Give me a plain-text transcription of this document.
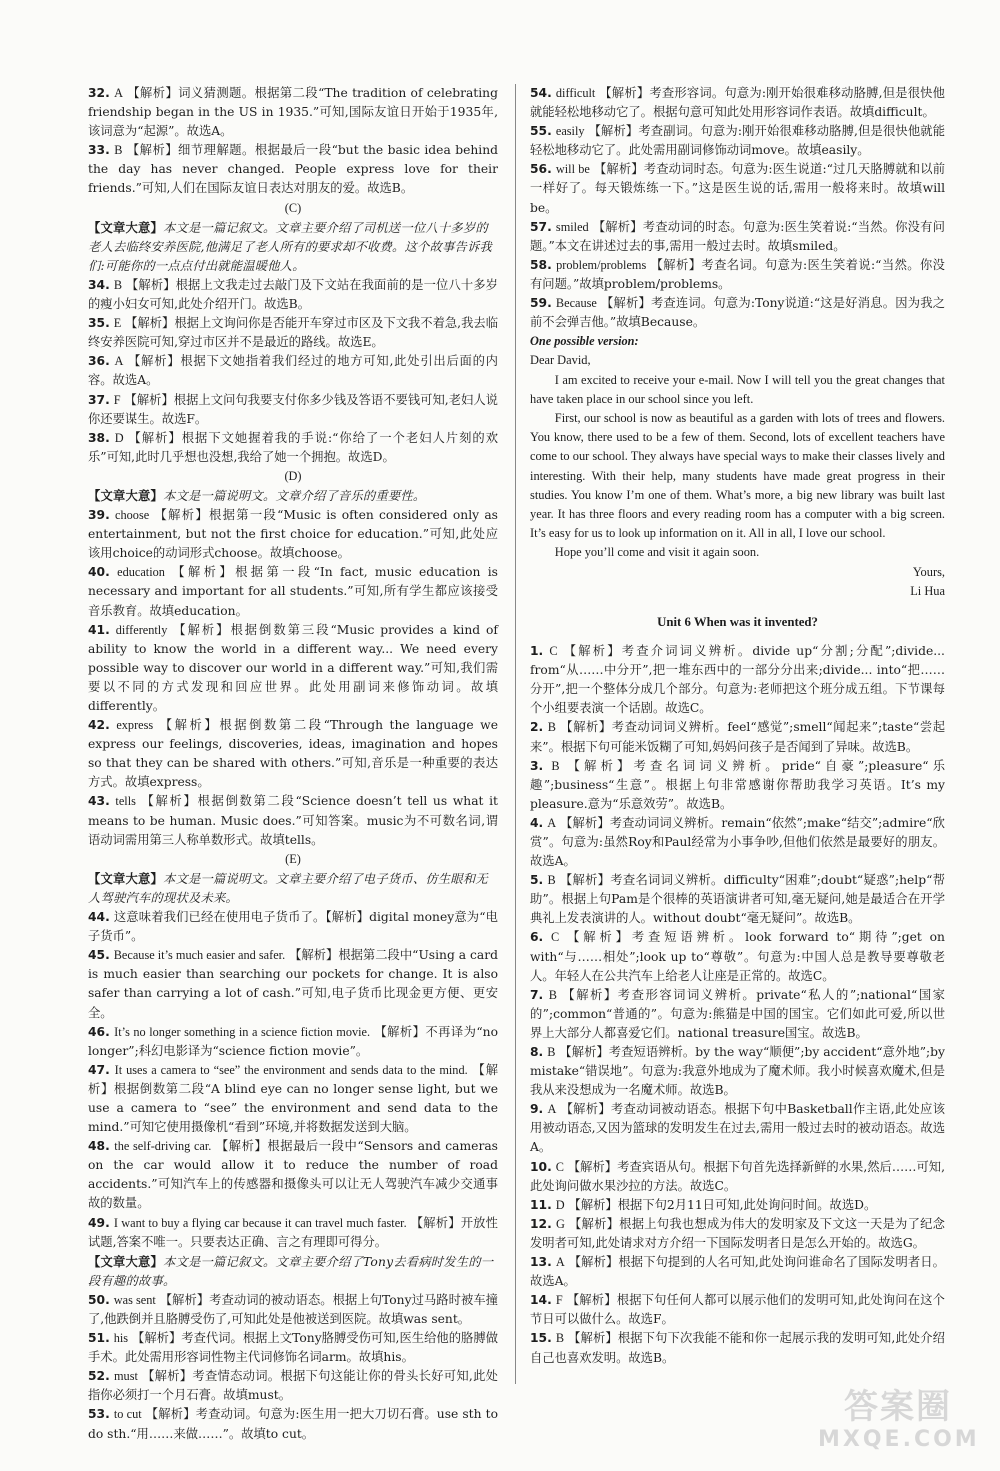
32. A 【解析】词义猜测题。根据第二段“The tradition of celebrating friendship began in the US in 1935.”可知,国际友谊日开始于1935年,该词意为“起源”。故选A。

33. B 【解析】细节理解题。根据最后一段“but the basic idea behind the day has never changed. People express love for their friends.”可知,人们在国际友谊日表达对朋友的爱。故选B。

(C)

【文章大意】本文是一篇记叙文。文章主要介绍了司机送一位八十多岁的老人去临终安养医院,他满足了老人所有的要求却不收费。这个故事告诉我们:可能你的一点点付出就能温暖他人。

34. B 【解析】根据上文我走过去敲门及下文站在我面前的是一位八十多岁的瘦小妇女可知,此处介绍开门。故选B。

35. E 【解析】根据上文询问你是否能开车穿过市区及下文我不着急,我去临终安养医院可知,穿过市区并不是最近的路线。故选E。

36. A 【解析】根据下文她指着我们经过的地方可知,此处引出后面的内容。故选A。

37. F 【解析】根据上文问句我要支付你多少钱及答语不要钱可知,老妇人说你还要谋生。故选F。

38. D 【解析】根据下文她握着我的手说:“你给了一个老妇人片刻的欢乐”可知,此时几乎想也没想,我给了她一个拥抱。故选D。

(D)

【文章大意】本文是一篇说明文。文章介绍了音乐的重要性。

39. choose 【解析】根据第一段“Music is often considered only as entertainment, but not the first choice for education.”可知,此处应该用choice的动词形式choose。故填choose。

40. education 【解析】根据第一段“In fact, music education is necessary and important for all students.”可知,所有学生都应该接受音乐教育。故填education。

41. differently 【解析】根据倒数第三段“Music provides a kind of ability to know the world in a different way... We need every possible way to discover our world in a different way.”可知,我们需要以不同的方式发现和回应世界。此处用副词来修饰动词。故填differently。

42. express 【解析】根据倒数第二段“Through the language we express our feelings, discoveries, ideas, imagination and hopes so that they can be shared with others.”可知,音乐是一种重要的表达方式。故填express。

43. tells 【解析】根据倒数第二段“Science doesn’t tell us what it means to be human. Music does.”可知答案。music为不可数名词,谓语动词需用第三人称单数形式。故填tells。

(E)

【文章大意】本文是一篇说明文。文章主要介绍了电子货币、仿生眼和无人驾驶汽车的现状及未来。

44. 这意味着我们已经在使用电子货币了。【解析】digital money意为“电子货币”。

45. Because it’s much easier and safer. 【解析】根据第二段中“Using a card is much easier than searching our pockets for change. It is also safer than carrying a lot of cash.”可知,电子货币比现金更方便、更安全。

46. It’s no longer something in a science fiction movie. 【解析】不再译为“no longer”;科幻电影译为“science fiction movie”。

47. It uses a camera to “see” the environment and sends data to the mind. 【解析】根据倒数第二段“A blind eye can no longer sense light, but we use a camera to “see” the environment and send data to the mind.”可知它使用摄像机“看到”环境,并将数据发送到大脑。

48. the self-driving car. 【解析】根据最后一段中“Sensors and cameras on the car would allow it to reduce the number of road accidents.”可知汽车上的传感器和摄像头可以让无人驾驶汽车减少交通事故的数量。

49. I want to buy a flying car because it can travel much faster. 【解析】开放性试题,答案不唯一。只要表达正确、言之有理即可得分。

【文章大意】本文是一篇记叙文。文章主要介绍了Tony去看病时发生的一段有趣的故事。

50. was sent 【解析】考查动词的被动语态。根据上句Tony过马路时被车撞了,他跌倒并且胳膊受伤了,可知此处是他被送到医院。故填was sent。

51. his 【解析】考查代词。根据上文Tony胳膊受伤可知,医生给他的胳膊做手术。此处需用形容词性物主代词修饰名词arm。故填his。

52. must 【解析】考查情态动词。根据下句这能让你的骨头长好可知,此处指你必须打一个月石膏。故填must。

53. to cut 【解析】考查动词。句意为:医生用一把大刀切石膏。use sth to do sth.“用……来做……”。故填to cut。

54. difficult 【解析】考查形容词。句意为:刚开始很难移动胳膊,但是很快他就能轻松地移动它了。根据句意可知此处用形容词作表语。故填difficult。

55. easily 【解析】考查副词。句意为:刚开始很难移动胳膊,但是很快他就能轻松地移动它了。此处需用副词修饰动词move。故填easily。

56. will be 【解析】考查动词时态。句意为:医生说道:“过几天胳膊就和以前一样好了。每天锻炼练一下。”这是医生说的话,需用一般将来时。故填will be。

57. smiled 【解析】考查动词的时态。句意为:医生笑着说:“当然。你没有问题。”本文在讲述过去的事,需用一般过去时。故填smiled。

58. problem/problems 【解析】考查名词。句意为:医生笑着说:“当然。你没有问题。”故填problem/problems。

59. Because 【解析】考查连词。句意为:Tony说道:“这是好消息。因为我之前不会弹吉他。”故填Because。

One possible version:

Dear David,

I am excited to receive your e-mail. Now I will tell you the great changes that have taken place in our school since you left.

First, our school is now as beautiful as a garden with lots of trees and flowers. You know, there used to be a few of them. Second, lots of excellent teachers have come to our school. They always have special ways to make their classes lively and interesting. With their help, many students have made great progress in their studies. You know I’m one of them. What’s more, a big new library was built last year. It has three floors and every reading room has a computer with a big screen. It’s easy for us to look up information on it. All in all, I love our school.

Hope you’ll come and visit it again soon.

Yours,

Li Hua

Unit 6 When was it invented?

1. C 【解析】考查介词词义辨析。divide up“分割;分配”;divide... from“从……中分开”,把一堆东西中的一部分分出来;divide... into“把……分开”,把一个整体分成几个部分。句意为:老师把这个班分成五组。下节课每个小组要表演一个话剧。故选C。

2. B 【解析】考查动词词义辨析。feel“感觉”;smell“闻起来”;taste“尝起来”。根据下句可能米饭糊了可知,妈妈问孩子是否闻到了异味。故选B。

3. B 【解析】考查名词词义辨析。pride“自豪”;pleasure“乐趣”;business“生意”。根据上句非常感谢你帮助我学习英语。It’s my pleasure.意为“乐意效劳”。故选B。

4. A 【解析】考查动词词义辨析。remain“依然”;make“结交”;admire“欣赏”。句意为:虽然Roy和Paul经常为小事争吵,但他们依然是最要好的朋友。故选A。

5. B 【解析】考查名词词义辨析。difficulty“困难”;doubt“疑惑”;help“帮助”。根据上句Pam是个很棒的英语演讲者可知,毫无疑问,她是最适合在开学典礼上发表演讲的人。without doubt“毫无疑问”。故选B。

6. C 【解析】考查短语辨析。look forward to“期待”;get on with“与……相处”;look up to“尊敬”。句意为:中国人总是教导要尊敬老人。年轻人在公共汽车上给老人让座是正常的。故选C。

7. B 【解析】考查形容词词义辨析。private“私人的”;national“国家的”;common“普通的”。句意为:熊猫是中国的国宝。它们如此可爱,所以世界上大部分人都喜爱它们。national treasure国宝。故选B。

8. B 【解析】考查短语辨析。by the way“顺便”;by accident“意外地”;by mistake“错误地”。句意为:我意外地成为了魔术师。我小时候喜欢魔术,但是我从来没想成为一名魔术师。故选B。

9. A 【解析】考查动词被动语态。根据下句中Basketball作主语,此处应该用被动语态,又因为篮球的发明发生在过去,需用一般过去时的被动语态。故选A。

10. C 【解析】考查宾语从句。根据下句首先选择新鲜的水果,然后……可知,此处询问做水果沙拉的方法。故选C。

11. D 【解析】根据下句2月11日可知,此处询问时间。故选D。

12. G 【解析】根据上句我也想成为伟大的发明家及下文这一天是为了纪念发明者可知,此处请求对方介绍一下国际发明者日是怎么开始的。故选G。

13. A 【解析】根据下句提到的人名可知,此处询问谁命名了国际发明者日。故选A。

14. F 【解析】根据下句任何人都可以展示他们的发明可知,此处询问在这个节日可以做什么。故选F。

15. B 【解析】根据下句下次我能不能和你一起展示我的发明可知,此处介绍自己也喜欢发明。故选B。

答案圈
MXQE.COM
